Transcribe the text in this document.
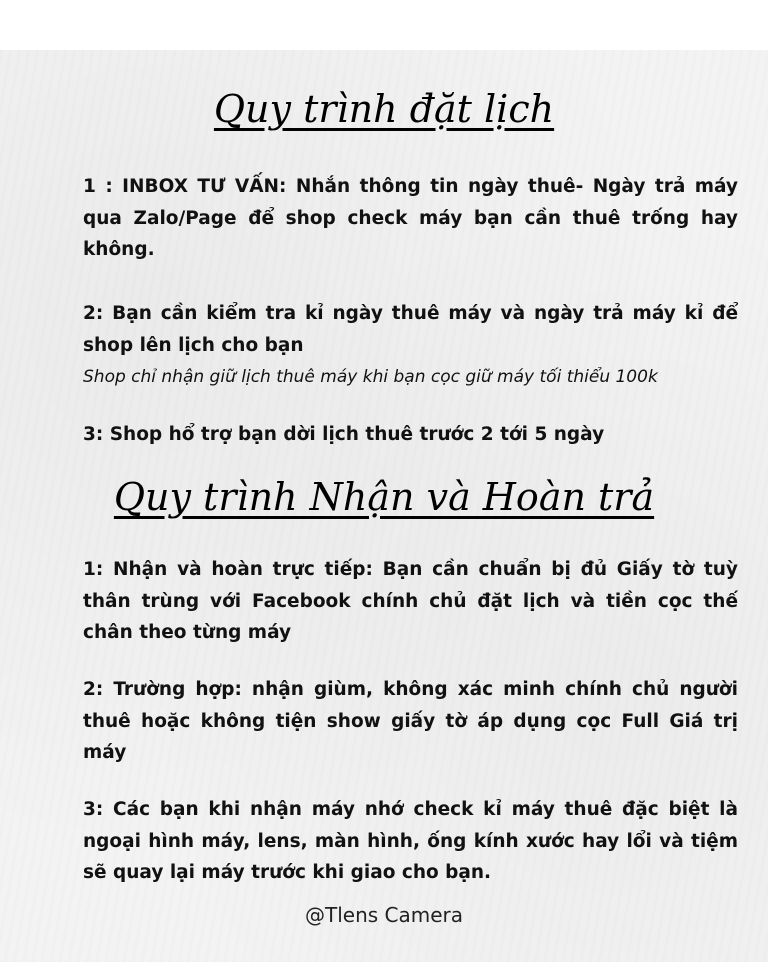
Quy trình đặt lịch

1 : INBOX TƯ VẤN: Nhắn thông tin ngày thuê- Ngày trả máy qua Zalo/Page để shop check máy bạn cần thuê trống hay không.

2: Bạn cần kiểm tra kỉ ngày thuê máy và ngày trả máy kỉ để shop lên lịch cho bạn

Shop chỉ nhận giữ lịch thuê máy khi bạn cọc giữ máy tối thiểu 100k

3: Shop hổ trợ bạn dời lịch thuê trước 2 tới 5 ngày

Quy trình Nhận và Hoàn trả

1: Nhận và hoàn trực tiếp: Bạn cần chuẩn bị đủ Giấy tờ tuỳ thân trùng với Facebook chính chủ đặt lịch và tiền cọc thế chân theo từng máy

2: Trường hợp: nhận giùm, không xác minh chính chủ người thuê hoặc không tiện show giấy tờ áp dụng cọc Full Giá trị máy

3: Các bạn khi nhận máy nhớ check kỉ máy thuê đặc biệt là ngoại hình máy, lens, màn hình, ống kính xước hay lổi và tiệm sẽ quay lại máy trước khi giao cho bạn.

@Tlens Camera
